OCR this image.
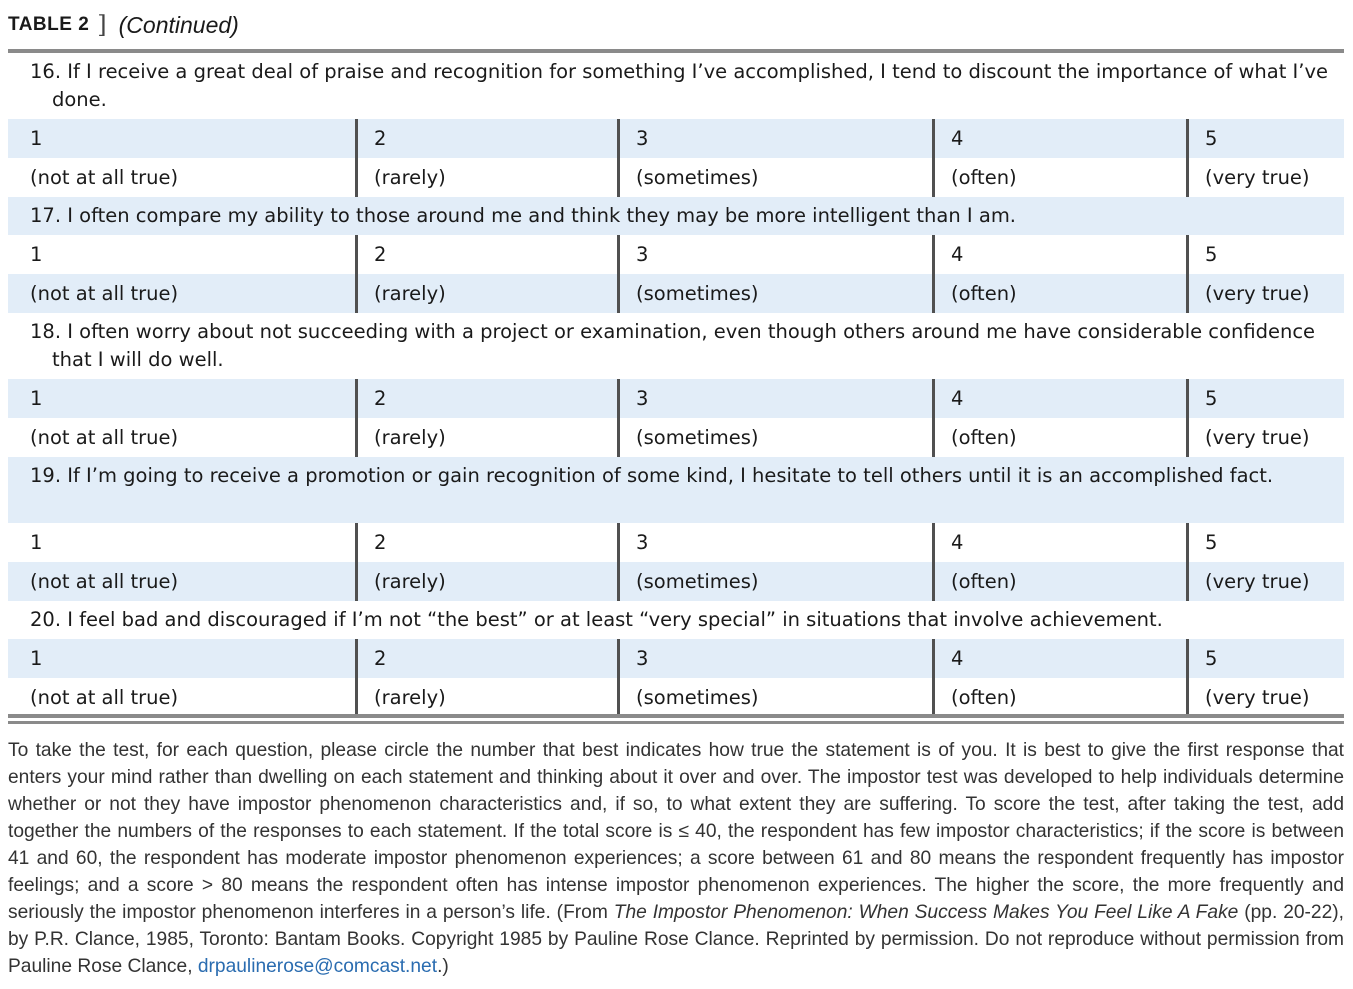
TABLE 2 ] (Continued)
16. If I receive a great deal of praise and recognition for something I’ve accomplished, I tend to discount the importance of what I’ve done.
1	2	3	4	5
(not at all true)	(rarely)	(sometimes)	(often)	(very true)
17. I often compare my ability to those around me and think they may be more intelligent than I am.
1	2	3	4	5
(not at all true)	(rarely)	(sometimes)	(often)	(very true)
18. I often worry about not succeeding with a project or examination, even though others around me have considerable confidence that I will do well.
1	2	3	4	5
(not at all true)	(rarely)	(sometimes)	(often)	(very true)
19. If I’m going to receive a promotion or gain recognition of some kind, I hesitate to tell others until it is an accomplished fact.
1	2	3	4	5
(not at all true)	(rarely)	(sometimes)	(often)	(very true)
20. I feel bad and discouraged if I’m not “the best” or at least “very special” in situations that involve achievement.
1	2	3	4	5
(not at all true)	(rarely)	(sometimes)	(often)	(very true)
To take the test, for each question, please circle the number that best indicates how true the statement is of you. It is best to give the first response that enters your mind rather than dwelling on each statement and thinking about it over and over. The impostor test was developed to help individuals determine whether or not they have impostor phenomenon characteristics and, if so, to what extent they are suffering. To score the test, after taking the test, add together the numbers of the responses to each statement. If the total score is ≤ 40, the respondent has few impostor characteristics; if the score is between 41 and 60, the respondent has moderate impostor phenomenon experiences; a score between 61 and 80 means the respondent frequently has impostor feelings; and a score > 80 means the respondent often has intense impostor phenomenon experiences. The higher the score, the more frequently and seriously the impostor phenomenon interferes in a person’s life. (From The Impostor Phenomenon: When Success Makes You Feel Like A Fake (pp. 20-22), by P.R. Clance, 1985, Toronto: Bantam Books. Copyright 1985 by Pauline Rose Clance. Reprinted by permission. Do not reproduce without permission from Pauline Rose Clance, drpaulinerose@comcast.net.)
